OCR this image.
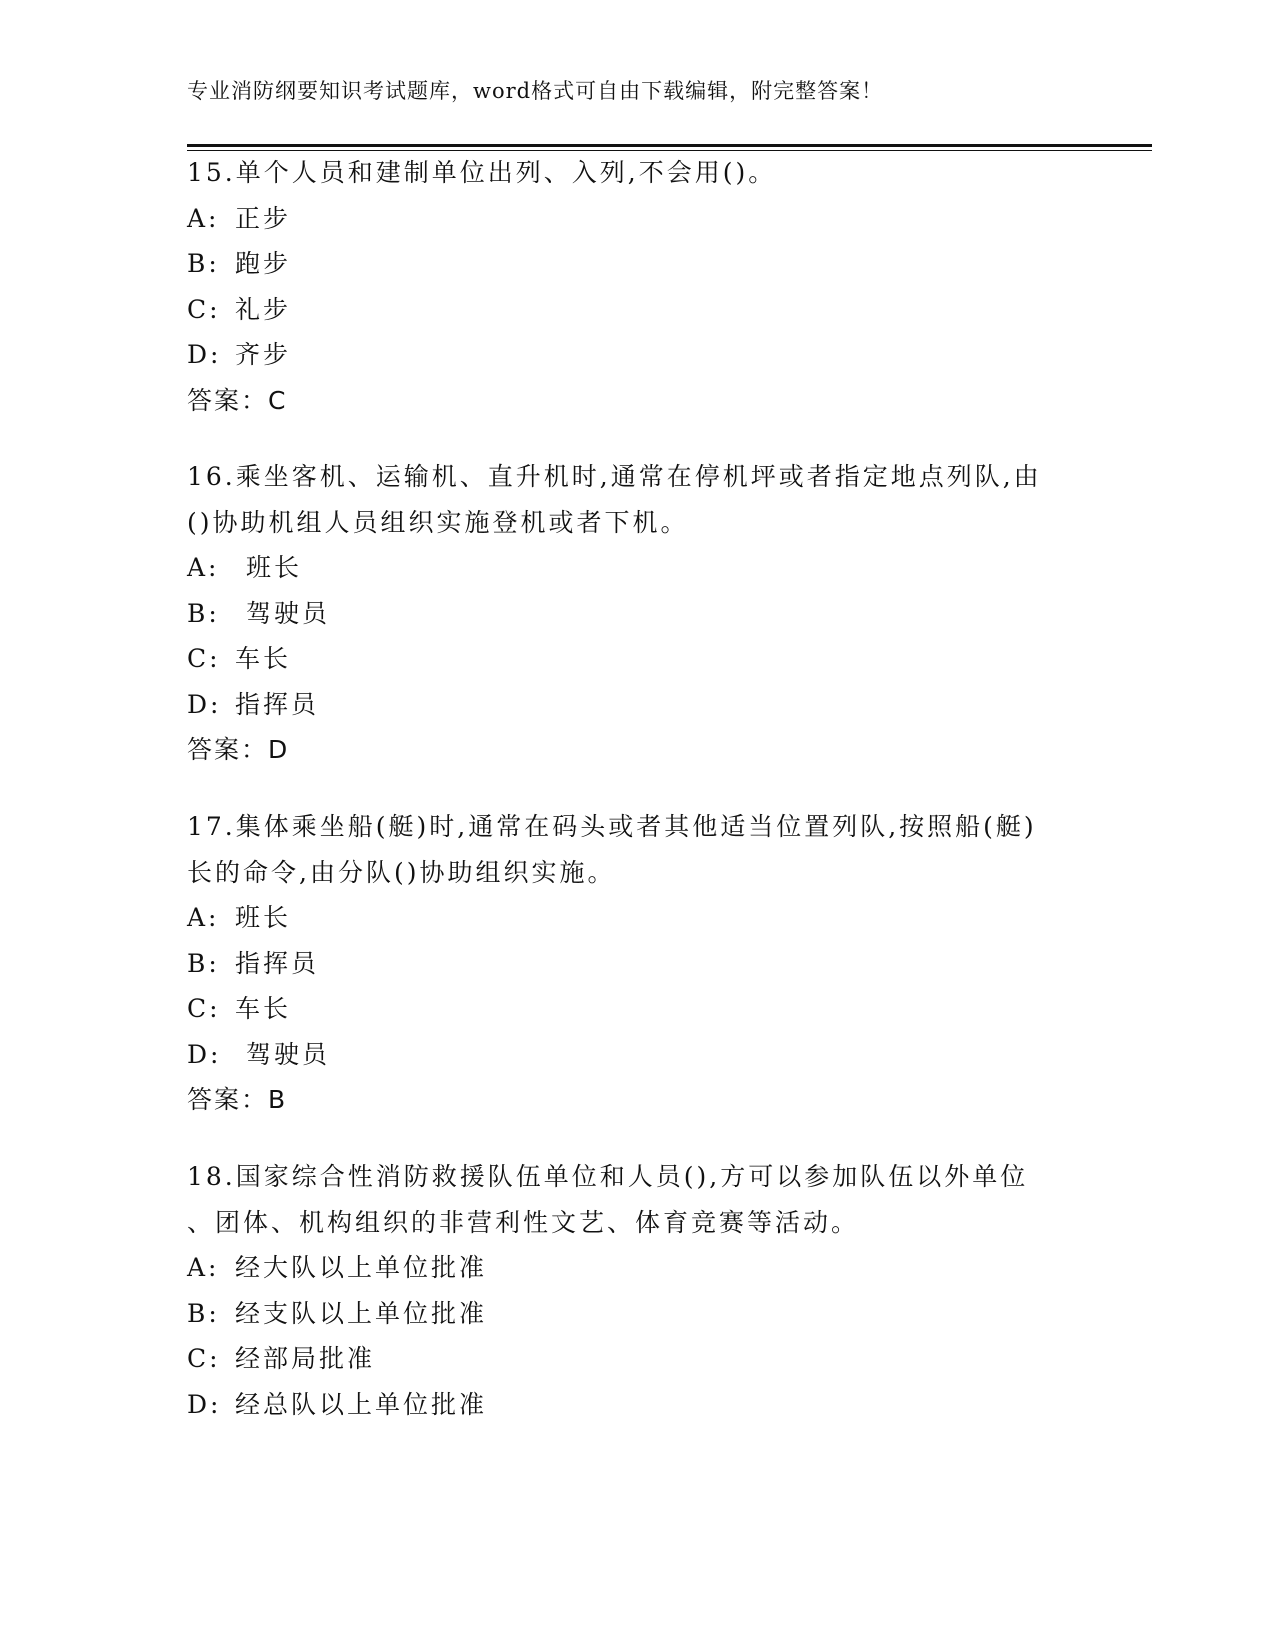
专业消防纲要知识考试题库，word格式可自由下载编辑，附完整答案！

15.单个人员和建制单位出列、入列,不会用()。

A: 正步
B: 跑步
C: 礼步
D: 齐步
答案：C

16.乘坐客机、运输机、直升机时,通常在停机坪或者指定地点列队,由
()协助机组人员组织实施登机或者下机。

A: 班长
B: 驾驶员
C: 车长
D: 指挥员
答案：D

17.集体乘坐船(艇)时,通常在码头或者其他适当位置列队,按照船(艇)
长的命令,由分队()协助组织实施。

A: 班长
B: 指挥员
C: 车长
D: 驾驶员
答案：B

18.国家综合性消防救援队伍单位和人员(),方可以参加队伍以外单位
、团体、机构组织的非营利性文艺、体育竞赛等活动。

A: 经大队以上单位批准
B: 经支队以上单位批准
C: 经部局批准
D: 经总队以上单位批准
